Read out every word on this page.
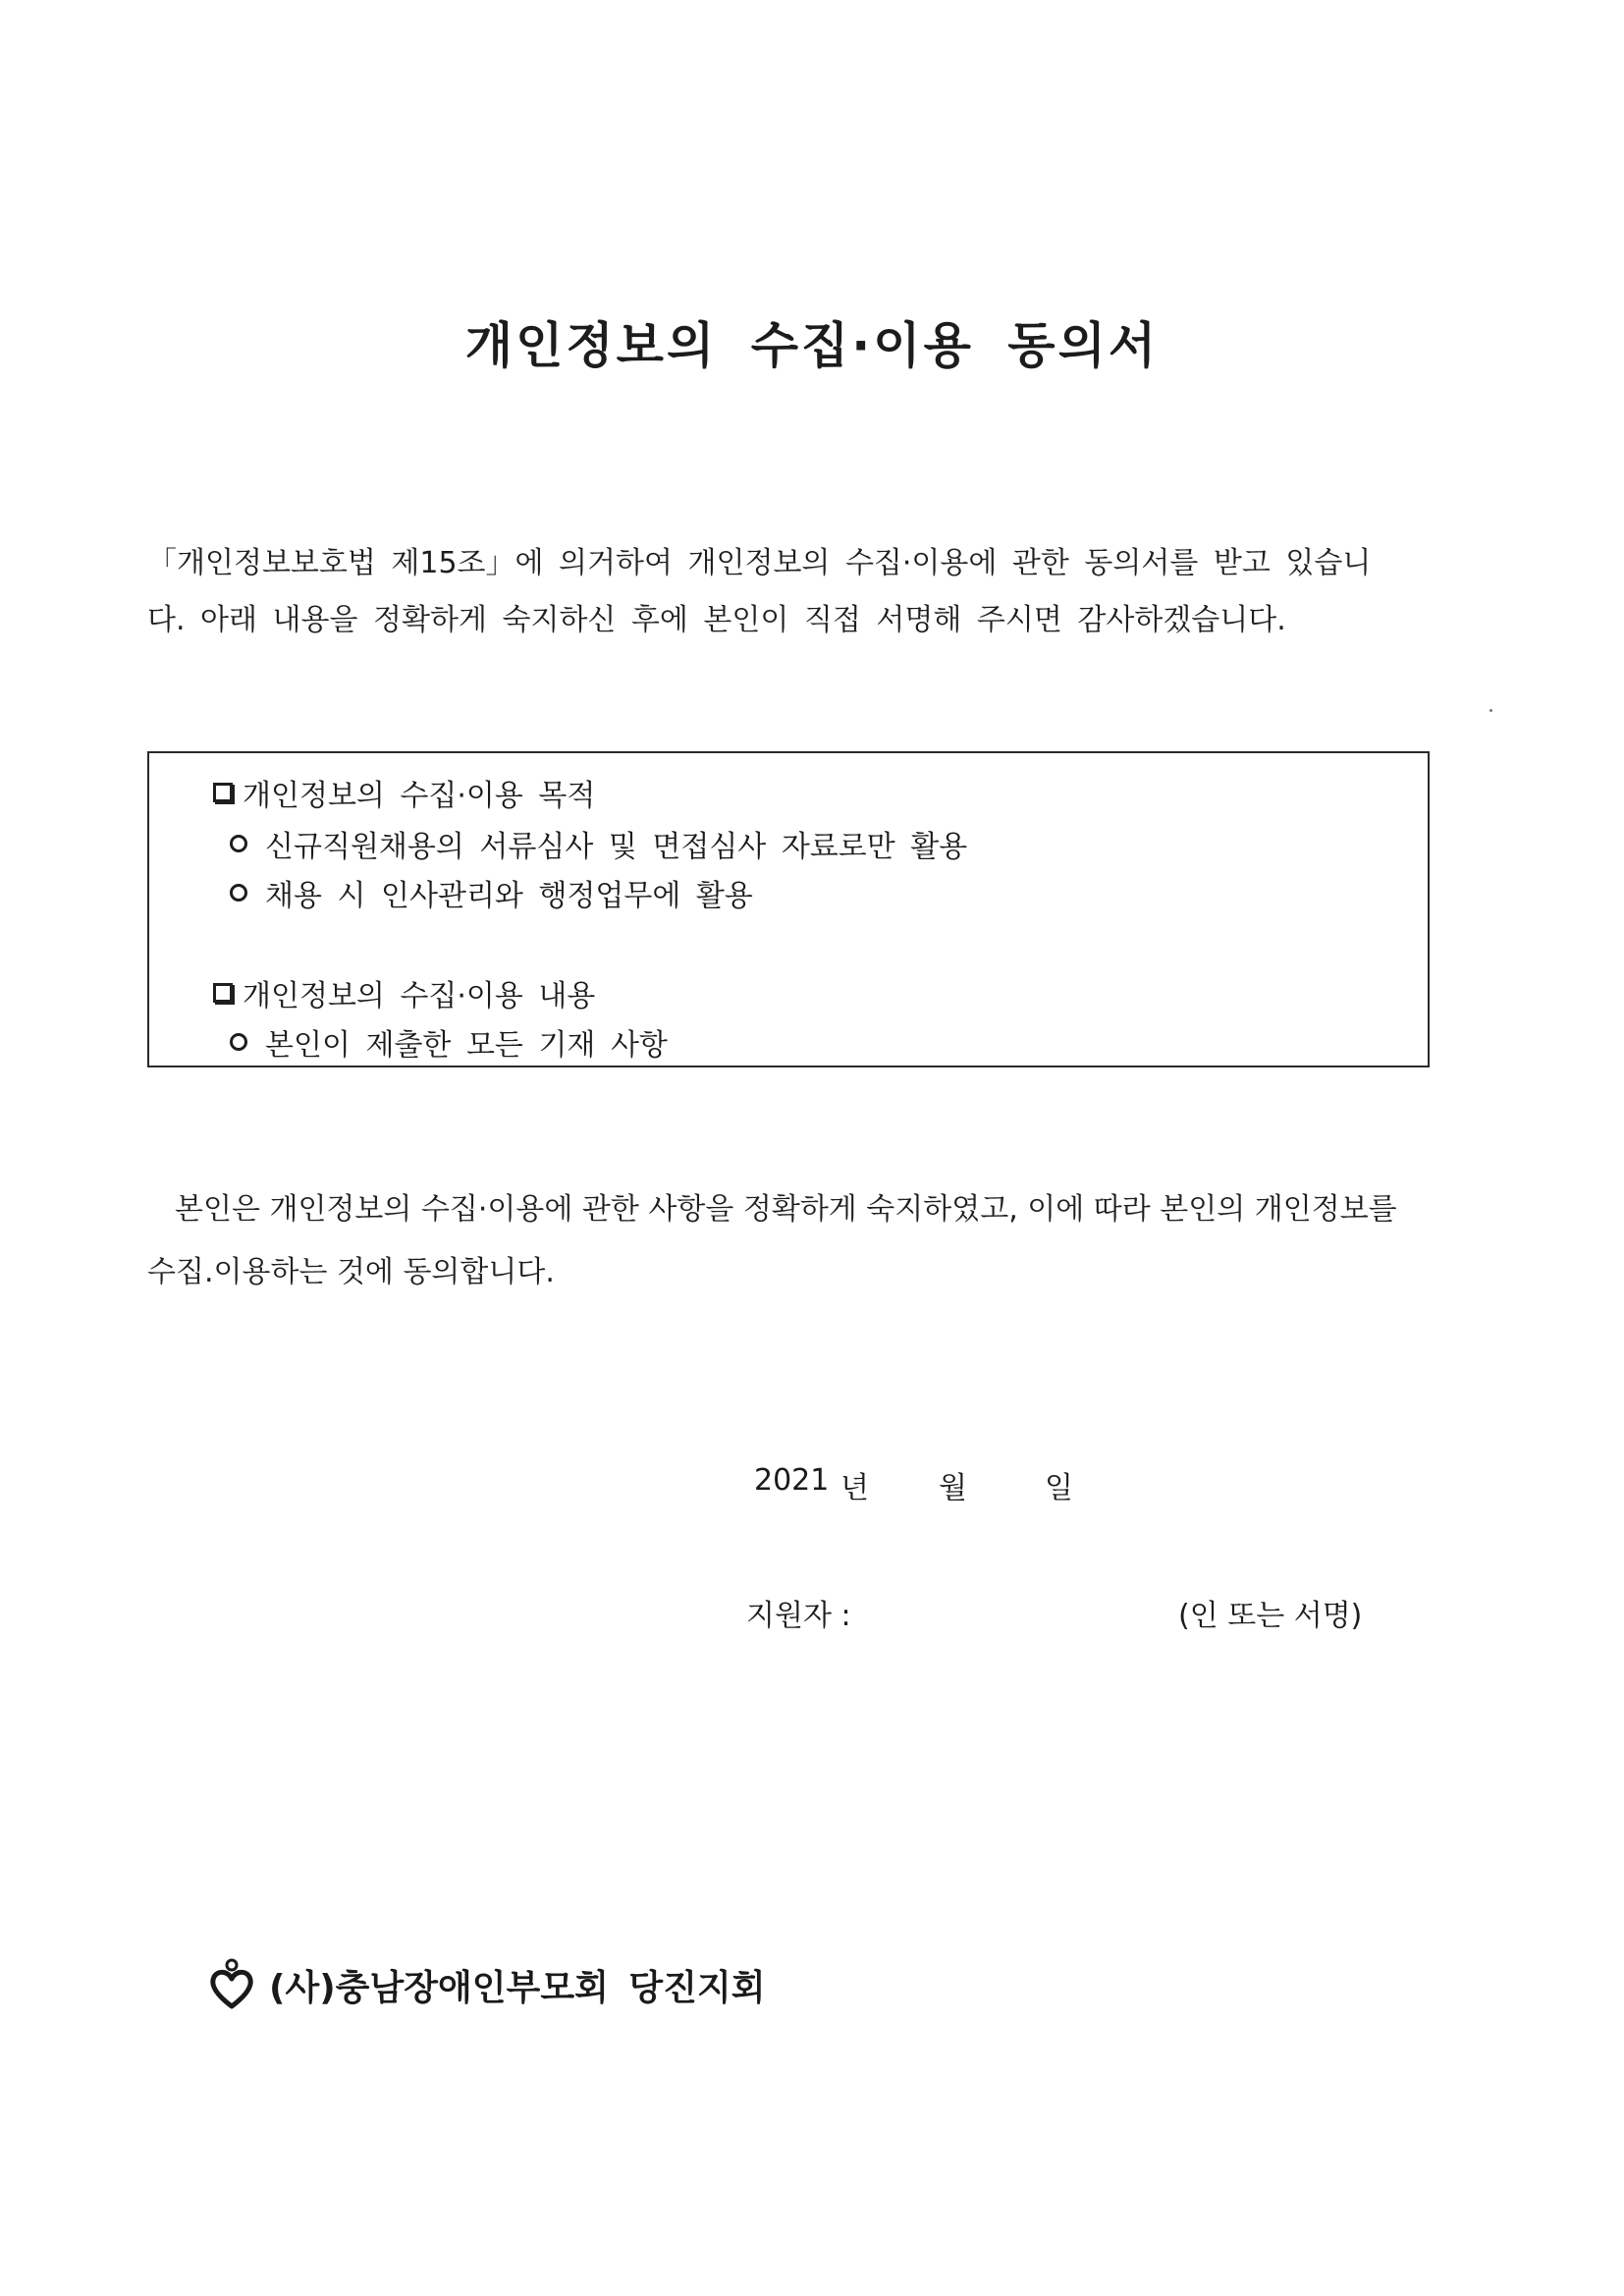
개인정보의 수집·이용 동의서

「개인정보보호법 제15조」에 의거하여 개인정보의 수집·이용에 관한 동의서를 받고 있습니

다. 아래 내용을 정확하게 숙지하신 후에 본인이 직접 서명해 주시면 감사하겠습니다.

개인정보의 수집·이용 목적
신규직원채용의 서류심사 및 면접심사 자료로만 활용
채용 시 인사관리와 행정업무에 활용
개인정보의 수집·이용 내용
본인이 제출한 모든 기재 사항

본인은 개인정보의 수집·이용에 관한 사항을 정확하게 숙지하였고, 이에 따라 본인의 개인정보를

수집.이용하는 것에 동의합니다.

2021 년 월	일
지원자 :	(인 또는 서명)
(사)충남장애인부모회 당진지회
